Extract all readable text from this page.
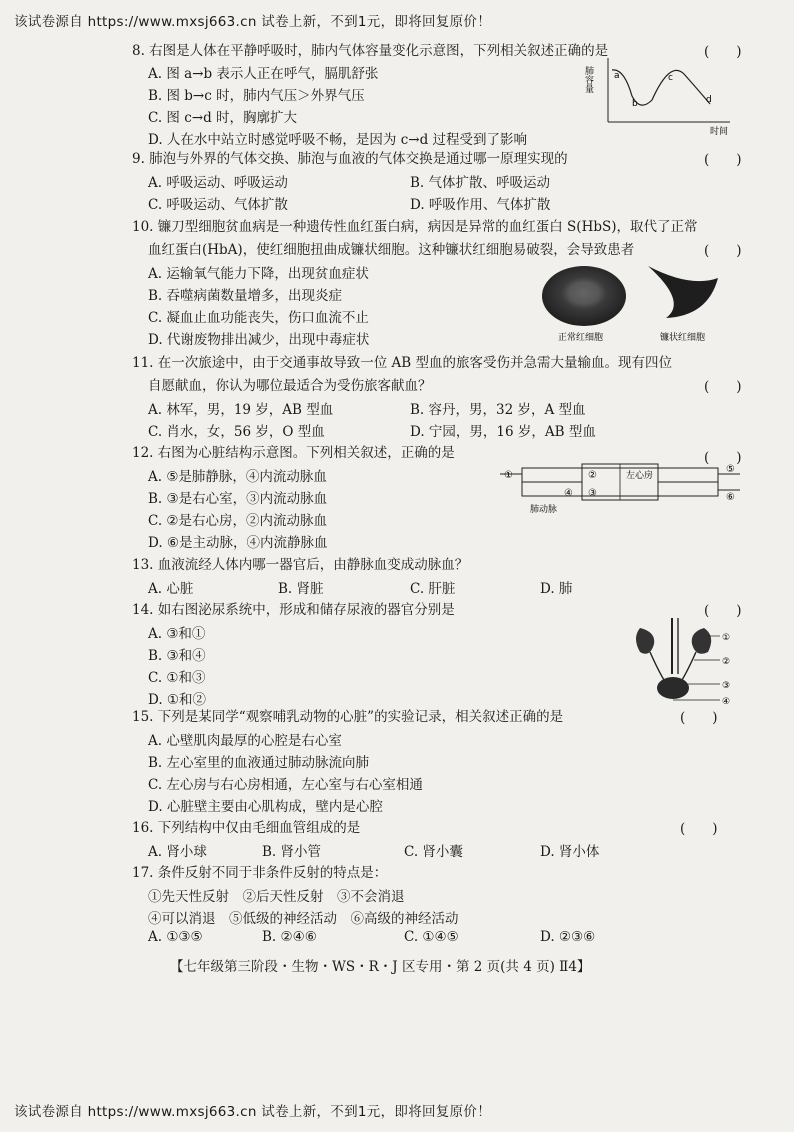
该试卷源自 https://www.mxsj663.cn 试卷上新，不到1元，即将回复原价！
8. 右图是人体在平静呼吸时，肺内气体容量变化示意图，下列相关叙述正确的是	(　　)
A. 图 a→b 表示人正在呼气，膈肌舒张
B. 图 b→c 时，肺内气压＞外界气压
C. 图 c→d 时，胸廓扩大
D. 人在水中站立时感觉呼吸不畅，是因为 c→d 过程受到了影响
肺容量
时间
a
b
c
d
9. 肺泡与外界的气体交换、肺泡与血液的气体交换是通过哪一原理实现的	(　　)
A. 呼吸运动、呼吸运动	B. 气体扩散、呼吸运动
C. 呼吸运动、气体扩散	D. 呼吸作用、气体扩散
10. 镰刀型细胞贫血病是一种遗传性血红蛋白病，病因是异常的血红蛋白 S(HbS)，取代了正常
血红蛋白(HbA)，使红细胞扭曲成镰状细胞。这种镰状红细胞易破裂，会导致患者	(　　)
A. 运输氧气能力下降，出现贫血症状
B. 吞噬病菌数量增多，出现炎症
C. 凝血止血功能丧失，伤口血流不止
D. 代谢废物排出减少，出现中毒症状	正常红细胞	镰状红细胞
11. 在一次旅途中，由于交通事故导致一位 AB 型血的旅客受伤并急需大量输血。现有四位
自愿献血，你认为哪位最适合为受伤旅客献血？	(　　)
A. 林军，男，19 岁，AB 型血	B. 容丹，男，32 岁，A 型血
C. 肖水，女，56 岁，O 型血	D. 宁园，男，16 岁，AB 型血
12. 右图为心脏结构示意图。下列相关叙述，正确的是	(　　)
A. ⑤是肺静脉，④内流动脉血
B. ③是右心室，③内流动脉血
C. ②是右心房，②内流动脉血
D. ⑥是主动脉，④内流静脉血
①	②
③
④
⑤
⑥
左心房
肺动脉
13. 血液流经人体内哪一器官后，由静脉血变成动脉血？
A. 心脏	B. 肾脏	C. 肝脏	D. 肺
14. 如右图泌尿系统中，形成和储存尿液的器官分别是	(　　)
A. ③和①
B. ③和④
C. ①和③
D. ①和②
①
②
③
④
15. 下列是某同学“观察哺乳动物的心脏”的实验记录，相关叙述正确的是	(　　)
A. 心壁肌肉最厚的心腔是右心室
B. 左心室里的血液通过肺动脉流向肺
C. 左心房与右心房相通，左心室与右心室相通
D. 心脏壁主要由心肌构成，壁内是心腔
16. 下列结构中仅由毛细血管组成的是	(　　)
A. 肾小球	B. 肾小管	C. 肾小囊	D. 肾小体
17. 条件反射不同于非条件反射的特点是：
①先天性反射　②后天性反射　③不会消退
④可以消退　⑤低级的神经活动　⑥高级的神经活动
A. ①③⑤	B. ②④⑥	C. ①④⑤	D. ②③⑥
【七年级第三阶段・生物・WS・R・J 区专用・第 2 页(共 4 页) Ⅱ4】
该试卷源自 https://www.mxsj663.cn 试卷上新，不到1元，即将回复原价！
